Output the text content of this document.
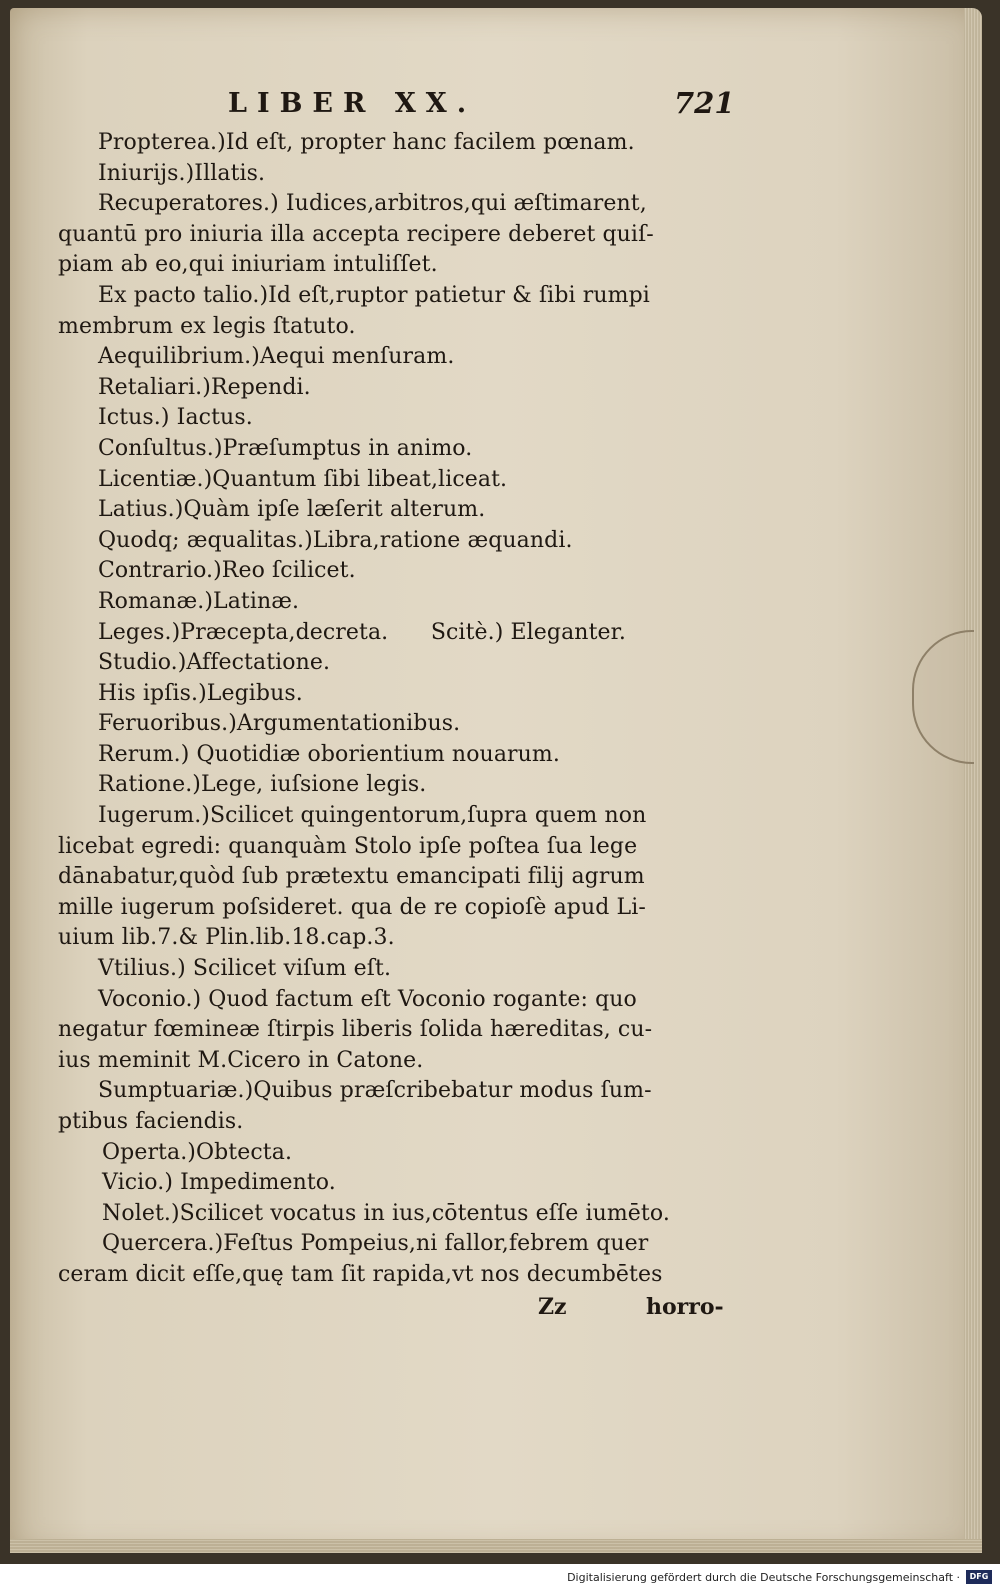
LIBER XX.	721
Propterea.)Id eſt, propter hanc facilem pœnam.
Iniurijs.)Illatis.
Recuperatores.) Iudices,arbitros,qui æſtimarent,
quantū pro iniuria illa accepta recipere deberet quiſ-
piam ab eo,qui iniuriam intuliſſet.
Ex pacto talio.)Id eſt,ruptor patietur & ſibi rumpi
membrum ex legis ſtatuto.
Aequilibrium.)Aequi menſuram.
Retaliari.)Rependi.
Ictus.) Iactus.
Conſultus.)Præſumptus in animo.
Licentiæ.)Quantum ſibi libeat,liceat.
Latius.)Quàm ipſe læſerit alterum.
Quodq; æqualitas.)Libra,ratione æquandi.
Contrario.)Reo ſcilicet.
Romanæ.)Latinæ.
Leges.)Præcepta,decreta.      Scitè.) Eleganter.
Studio.)Affectatione.
His ipſis.)Legibus.
Feruoribus.)Argumentationibus.
Rerum.) Quotidiæ oborientium nouarum.
Ratione.)Lege, iuſsione legis.
Iugerum.)Scilicet quingentorum,ſupra quem non
licebat egredi: quanquàm Stolo ipſe poſtea ſua lege
dānabatur,quòd ſub prætextu emancipati filij agrum
mille iugerum poſsideret. qua de re copioſè apud Li-
uium lib.7.& Plin.lib.18.cap.3.
Vtilius.) Scilicet viſum eſt.
Voconio.) Quod factum eſt Voconio rogante: quo
negatur fœmineæ ſtirpis liberis ſolida hæreditas, cu-
ius meminit M.Cicero in Catone.
Sumptuariæ.)Quibus præſcribebatur modus ſum-
ptibus faciendis.
Operta.)Obtecta.
Vicio.) Impedimento.
Nolet.)Scilicet vocatus in ius,cōtentus eſſe iumēto.
Quercera.)Feſtus Pompeius,ni fallor,febrem quer
ceram dicit eſſe,quę tam ſit rapida,vt nos decumbētes
Zz	horro-
Digitalisierung gefördert durch die Deutsche Forschungsgemeinschaft ·	DFG
